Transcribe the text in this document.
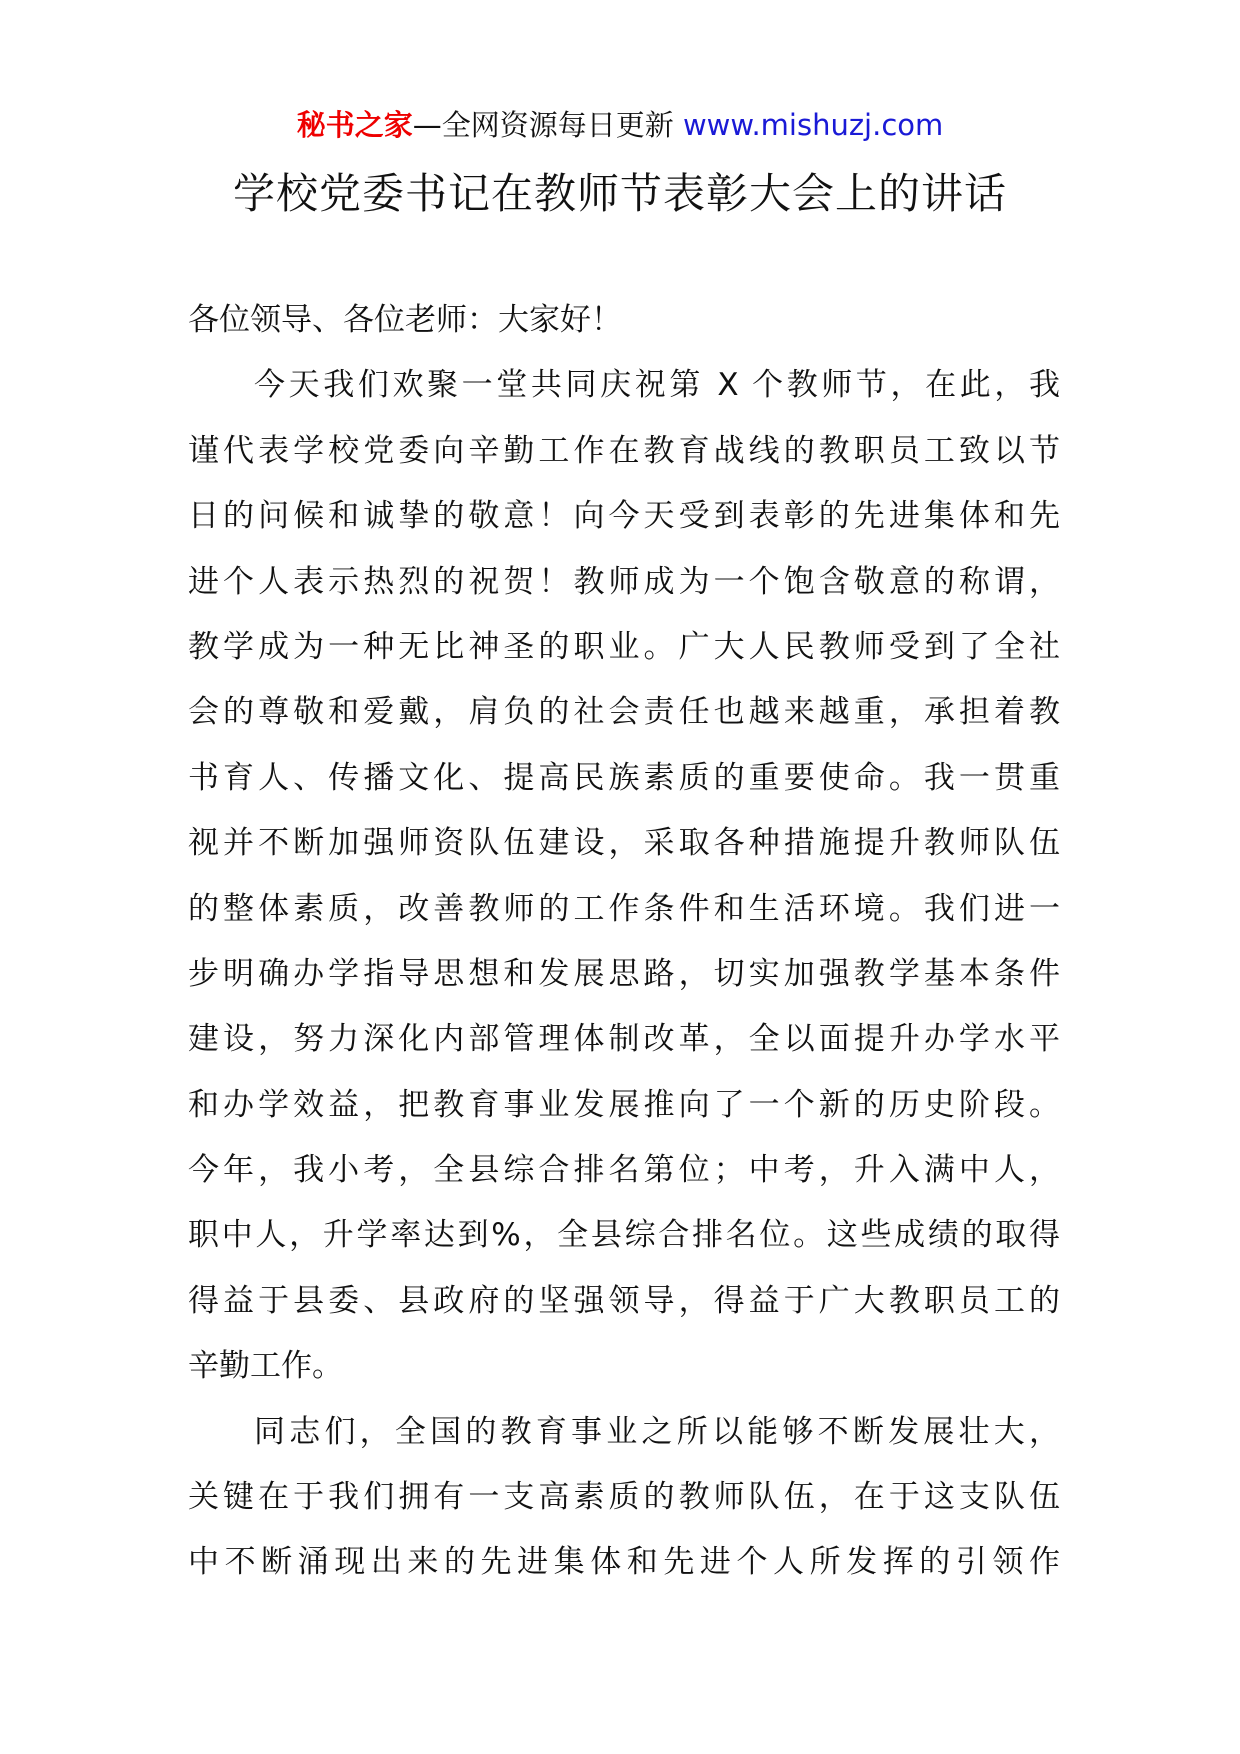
秘书之家—全网资源每日更新 www.mishuzj.com
学校党委书记在教师节表彰大会上的讲话
各位领导、各位老师：大家好！
今天我们欢聚一堂共同庆祝第 X 个教师节，在此，我
谨代表学校党委向辛勤工作在教育战线的教职员工致以节
日的问候和诚挚的敬意！向今天受到表彰的先进集体和先
进个人表示热烈的祝贺！教师成为一个饱含敬意的称谓，
教学成为一种无比神圣的职业。广大人民教师受到了全社
会的尊敬和爱戴，肩负的社会责任也越来越重，承担着教
书育人、传播文化、提高民族素质的重要使命。我一贯重
视并不断加强师资队伍建设，采取各种措施提升教师队伍
的整体素质，改善教师的工作条件和生活环境。我们进一
步明确办学指导思想和发展思路，切实加强教学基本条件
建设，努力深化内部管理体制改革，全以面提升办学水平
和办学效益，把教育事业发展推向了一个新的历史阶段。
今年，我小考，全县综合排名第位；中考，升入满中人，
职中人，升学率达到%，全县综合排名位。这些成绩的取得
得益于县委、县政府的坚强领导，得益于广大教职员工的
辛勤工作。
同志们，全国的教育事业之所以能够不断发展壮大，
关键在于我们拥有一支高素质的教师队伍，在于这支队伍
中不断涌现出来的先进集体和先进个人所发挥的引领作
